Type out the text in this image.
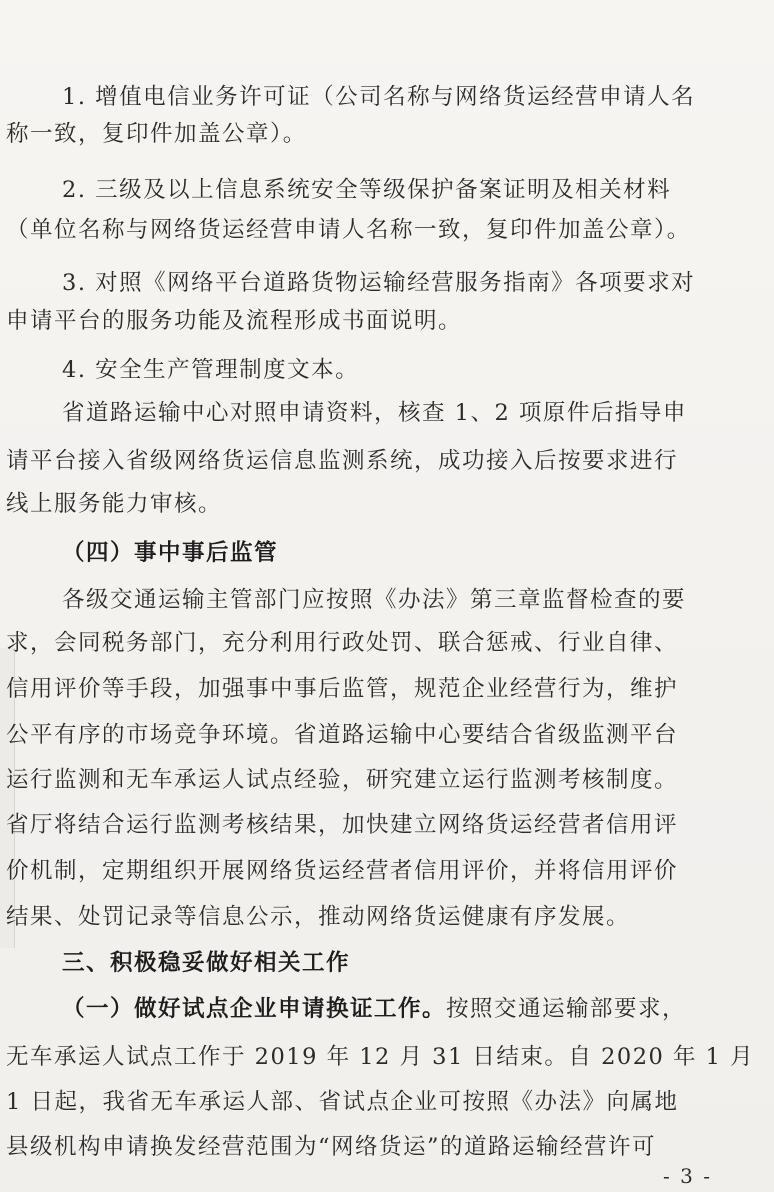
1. 增值电信业务许可证（公司名称与网络货运经营申请人名
称一致，复印件加盖公章）。
2. 三级及以上信息系统安全等级保护备案证明及相关材料
（单位名称与网络货运经营申请人名称一致，复印件加盖公章）。
3. 对照《网络平台道路货物运输经营服务指南》各项要求对
申请平台的服务功能及流程形成书面说明。
4. 安全生产管理制度文本。
省道路运输中心对照申请资料，核查 1、2 项原件后指导申
请平台接入省级网络货运信息监测系统，成功接入后按要求进行
线上服务能力审核。
（四）事中事后监管
各级交通运输主管部门应按照《办法》第三章监督检查的要
求，会同税务部门，充分利用行政处罚、联合惩戒、行业自律、
信用评价等手段，加强事中事后监管，规范企业经营行为，维护
公平有序的市场竞争环境。省道路运输中心要结合省级监测平台
运行监测和无车承运人试点经验，研究建立运行监测考核制度。
省厅将结合运行监测考核结果，加快建立网络货运经营者信用评
价机制，定期组织开展网络货运经营者信用评价，并将信用评价
结果、处罚记录等信息公示，推动网络货运健康有序发展。
三、积极稳妥做好相关工作
（一）做好试点企业申请换证工作。按照交通运输部要求，
无车承运人试点工作于 2019 年 12 月 31 日结束。自 2020 年 1 月
1 日起，我省无车承运人部、省试点企业可按照《办法》向属地
县级机构申请换发经营范围为“网络货运”的道路运输经营许可
- 3 -
